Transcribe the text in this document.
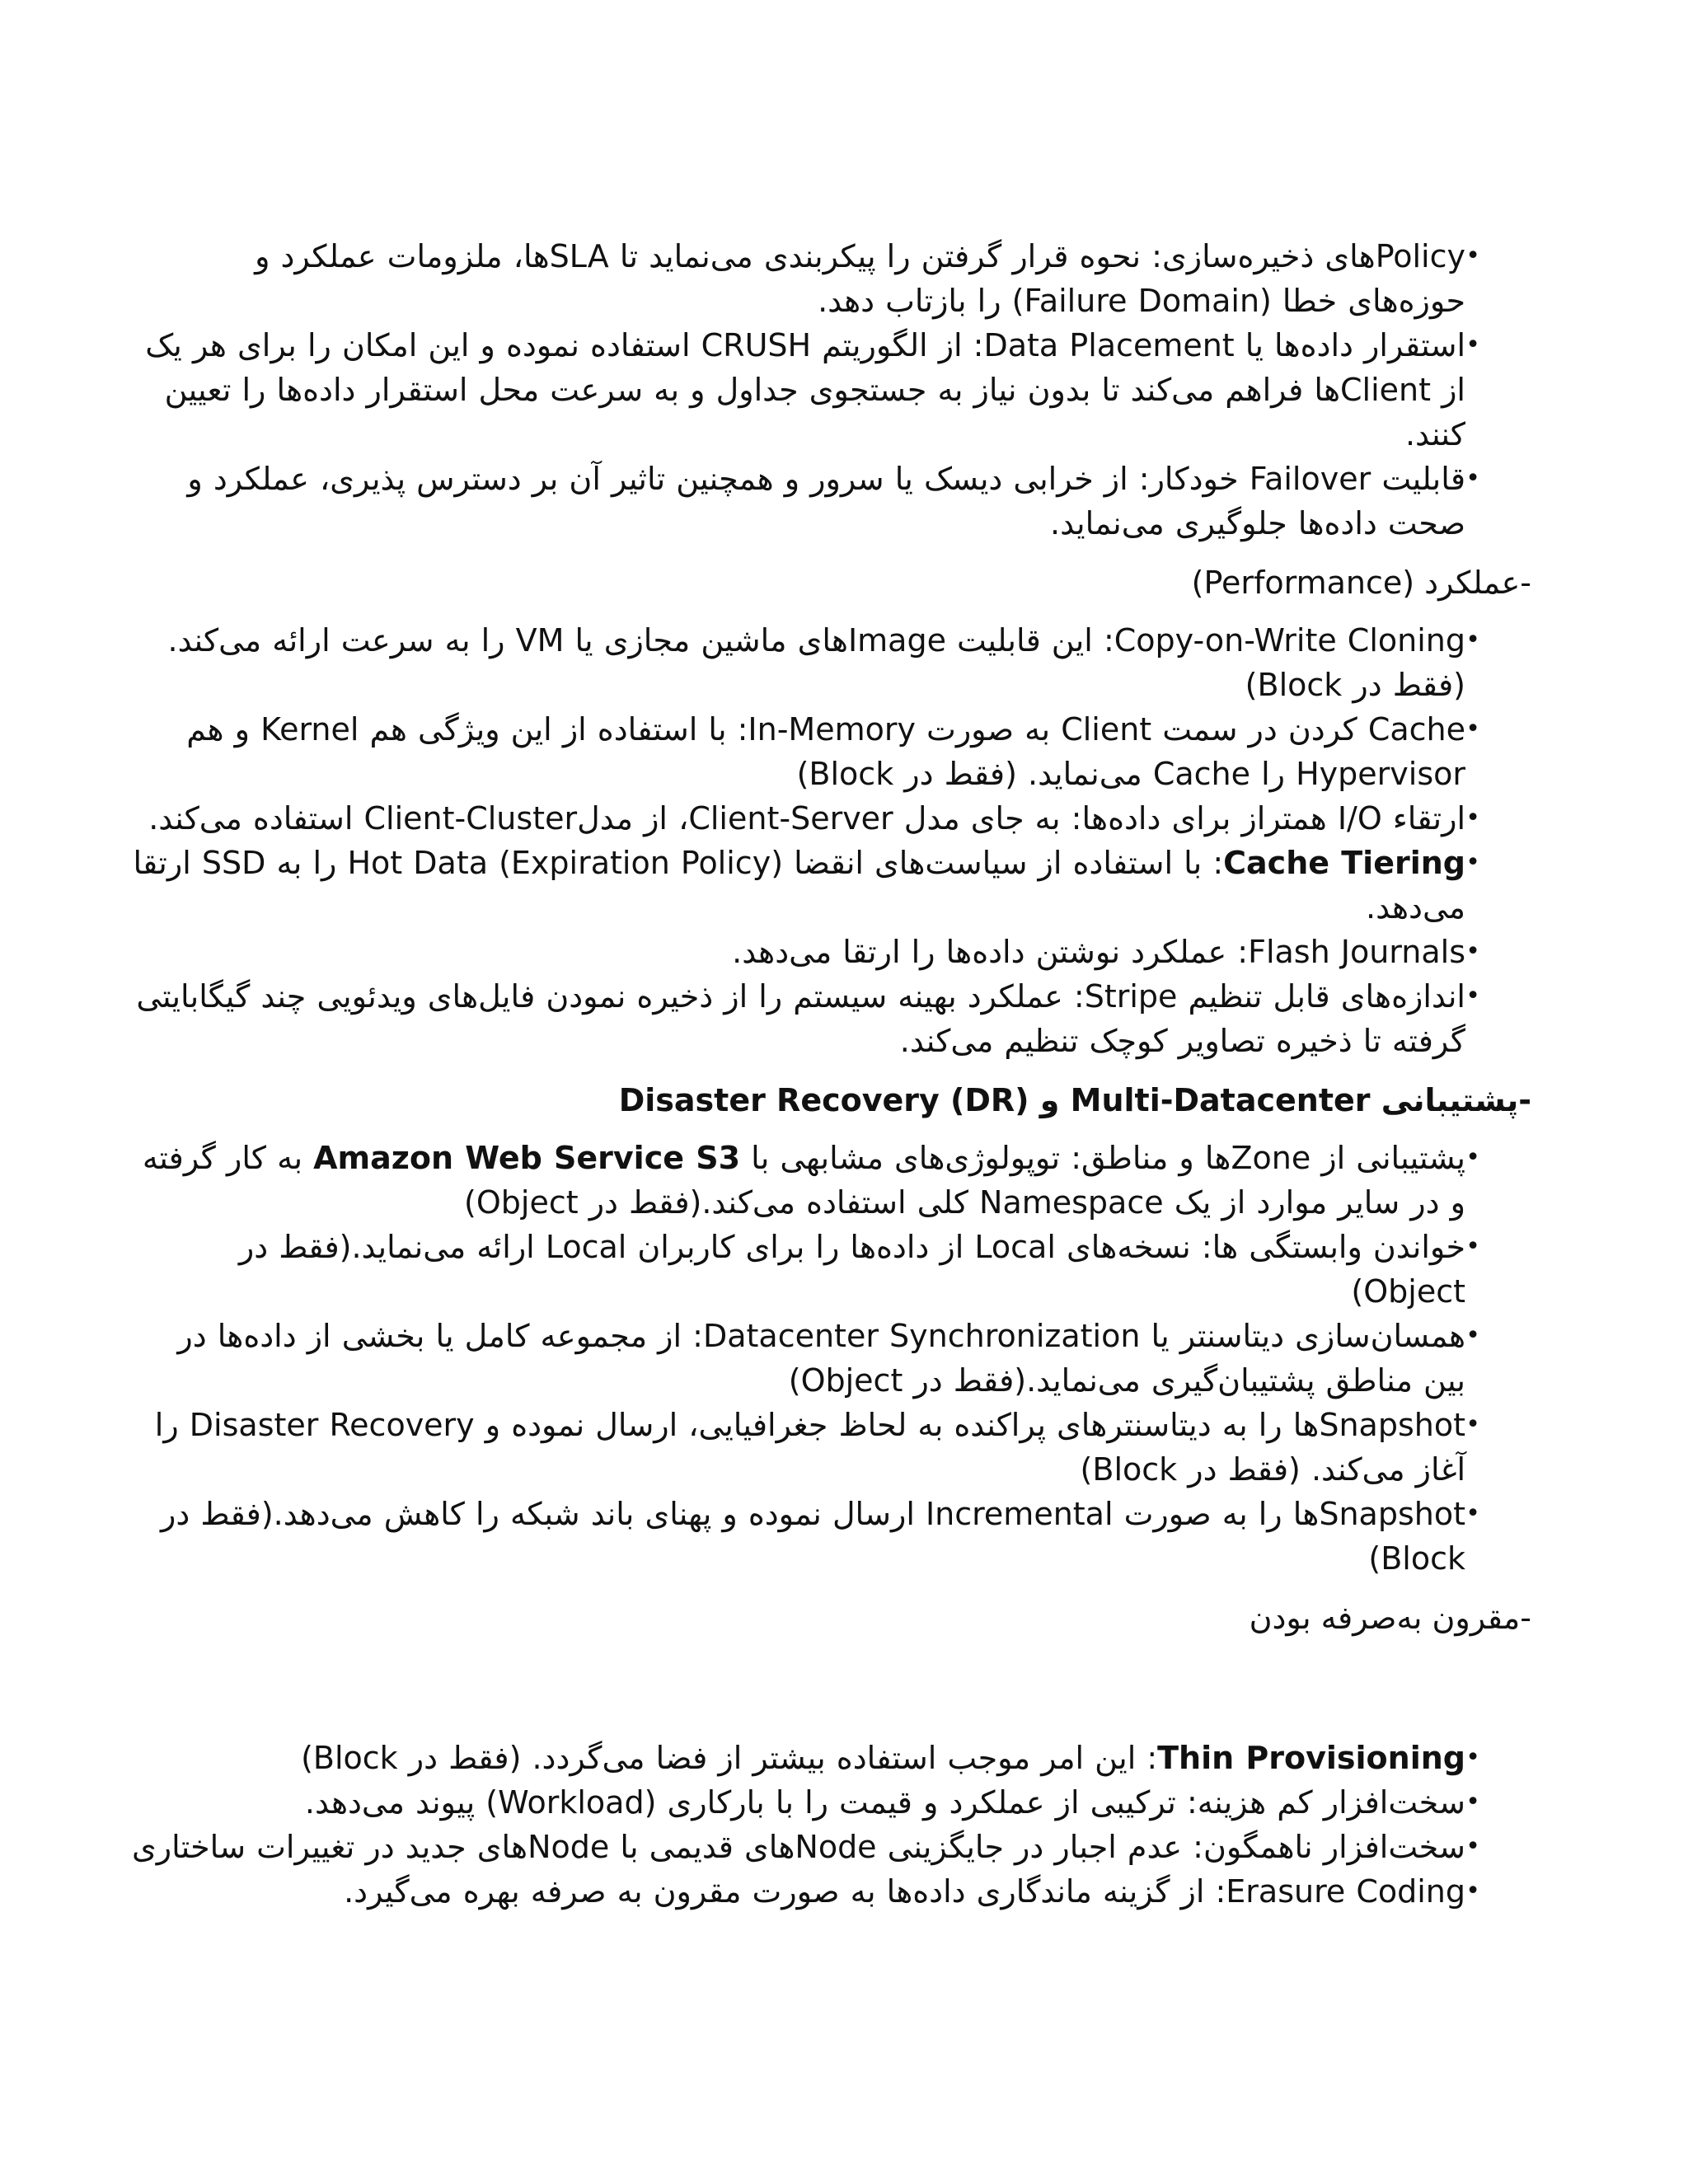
•
Policyهای ذخیره‌سازی: نحوه قرار گرفتن را پیکربندی می‌نماید تا SLAها، ملزومات عملکرد و حوزه‌های خطا (Failure Domain) را بازتاب دهد.
•
استقرار داده‌ها یا Data Placement: از الگوریتم CRUSH استفاده نموده و این امکان را برای هر یک از Clientها فراهم می‌کند تا بدون نیاز به جستجوی جداول و به سرعت محل استقرار داده‌ها را تعیین کنند.
•
قابلیت Failover خودکار: از خرابی دیسک یا سرور و همچنین تاثیر آن بر دسترس پذیری، عملکرد و صحت داده‌ها جلوگیری می‌نماید.
-عملکرد (Performance)
•
Copy-on-Write Cloning: این قابلیت Imageهای ماشین مجازی یا VM را به سرعت ارائه می‌کند. (فقط در Block)
•
Cache کردن در سمت Client به صورت In-Memory: با استفاده از این ویژگی هم Kernel و هم Hypervisor را Cache می‌نماید. (فقط در Block)
•
ارتقاء I/O همتراز برای داده‌ها: به جای مدل Client-Server، از مدلClient-Cluster استفاده می‌کند.
•
Cache Tiering: با استفاده از سیاست‌های انقضا (Expiration Policy) Hot Data را به SSD ارتقا می‌دهد.
•
Flash Journals: عملکرد نوشتن داده‌ها را ارتقا می‌دهد.
•
اندازه‌های قابل تنظیم Stripe: عملکرد بهینه سیستم را از ذخیره نمودن فایل‌های ویدئویی چند گیگابایتی گرفته تا ذخیره تصاویر کوچک تنظیم می‌کند.
-پشتیبانی Multi-Datacenter و Disaster Recovery (DR)
•
پشتیبانی از Zoneها و مناطق: توپولوژی‌های مشابهی با Amazon Web Service S3 به کار گرفته و در سایر موارد از یک Namespace کلی استفاده می‌کند.(فقط در Object)
•
خواندن وابستگی ها: نسخه‌های Local از داده‌ها را برای کاربران Local ارائه می‌نماید.(فقط در Object)
•
همسان‌سازی دیتاسنتر یا Datacenter Synchronization: از مجموعه کامل یا بخشی از داده‌ها در بین مناطق پشتیبان‌گیری می‌نماید.(فقط در Object)
•
Snapshotها را به دیتاسنترهای پراکنده به لحاظ جغرافیایی، ارسال نموده و Disaster Recovery را آغاز می‌کند. (فقط در Block)
•
Snapshotها را به صورت Incremental ارسال نموده و پهنای باند شبکه را کاهش می‌دهد.(فقط در Block)
-مقرون به‌صرفه بودن
•
Thin Provisioning: این امر موجب استفاده بیشتر از فضا می‌گردد. (فقط در Block)
•
سخت‌افزار کم هزینه: ترکیبی از عملکرد و قیمت را با بارکاری (Workload) پیوند می‌دهد.
•
سخت‌افزار ناهمگون: عدم اجبار در جایگزینی Nodeهای قدیمی با Nodeهای جدید در تغییرات ساختاری
•
Erasure Coding: از گزینه ماندگاری داده‌ها به صورت مقرون به صرفه بهره می‌گیرد.
